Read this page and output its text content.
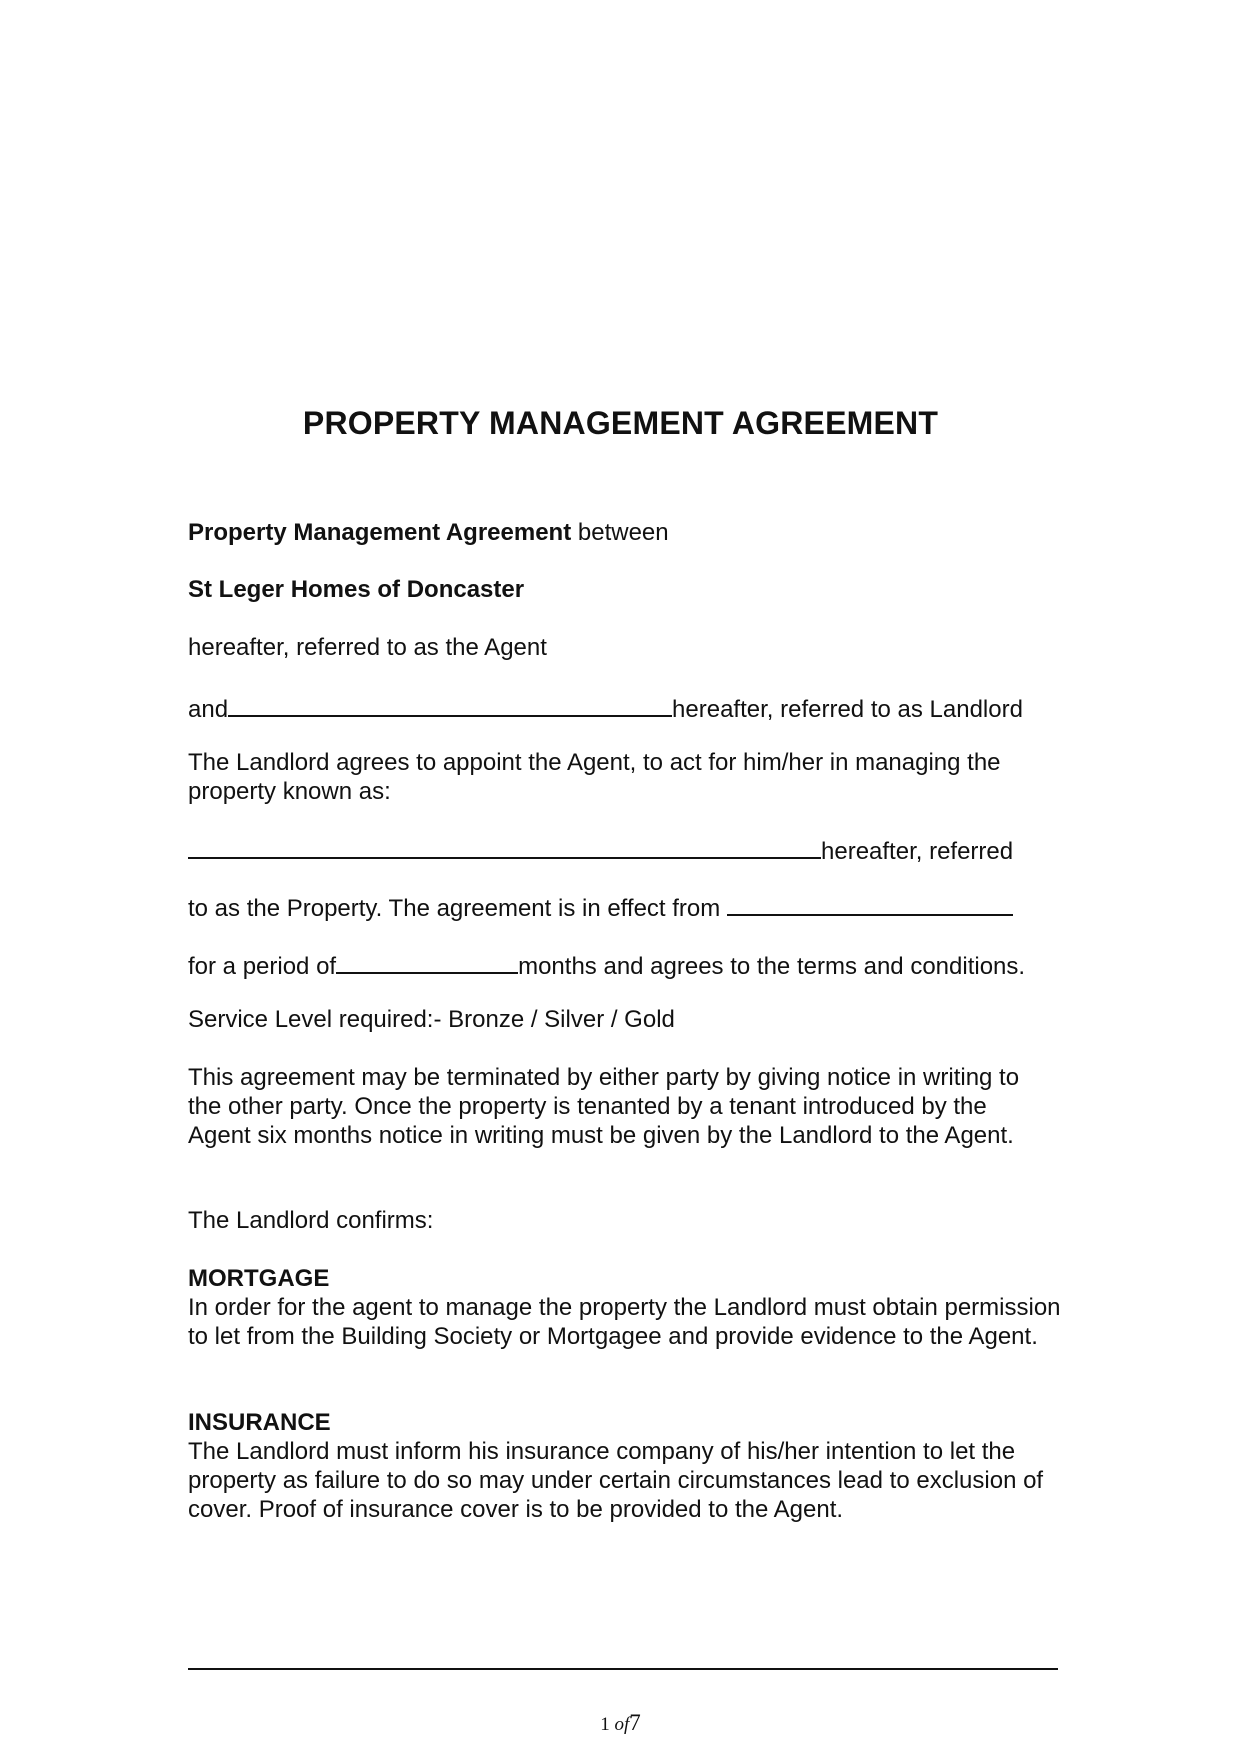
PROPERTY MANAGEMENT AGREEMENT
Property Management Agreement between
St Leger Homes of Doncaster
hereafter, referred to as the Agent
and	hereafter, referred to as Landlord
The Landlord agrees to appoint the Agent, to act for him/her in managing the property known as:
hereafter, referred
to as the Property. The agreement is in effect from
for a period of	months and agrees to the terms and conditions.
Service Level required:- Bronze / Silver / Gold
This agreement may be terminated by either party by giving notice in writing to the other party. Once the property is tenanted by a tenant introduced by the Agent six months notice in writing must be given by the Landlord to the Agent.
The Landlord confirms:
MORTGAGE
In order for the agent to manage the property the Landlord must obtain permission to let from the Building Society or Mortgagee and provide evidence to the Agent.
INSURANCE
The Landlord must inform his insurance company of his/her intention to let the property as failure to do so may under certain circumstances lead to exclusion of cover. Proof of insurance cover is to be provided to the Agent.
1 of7
